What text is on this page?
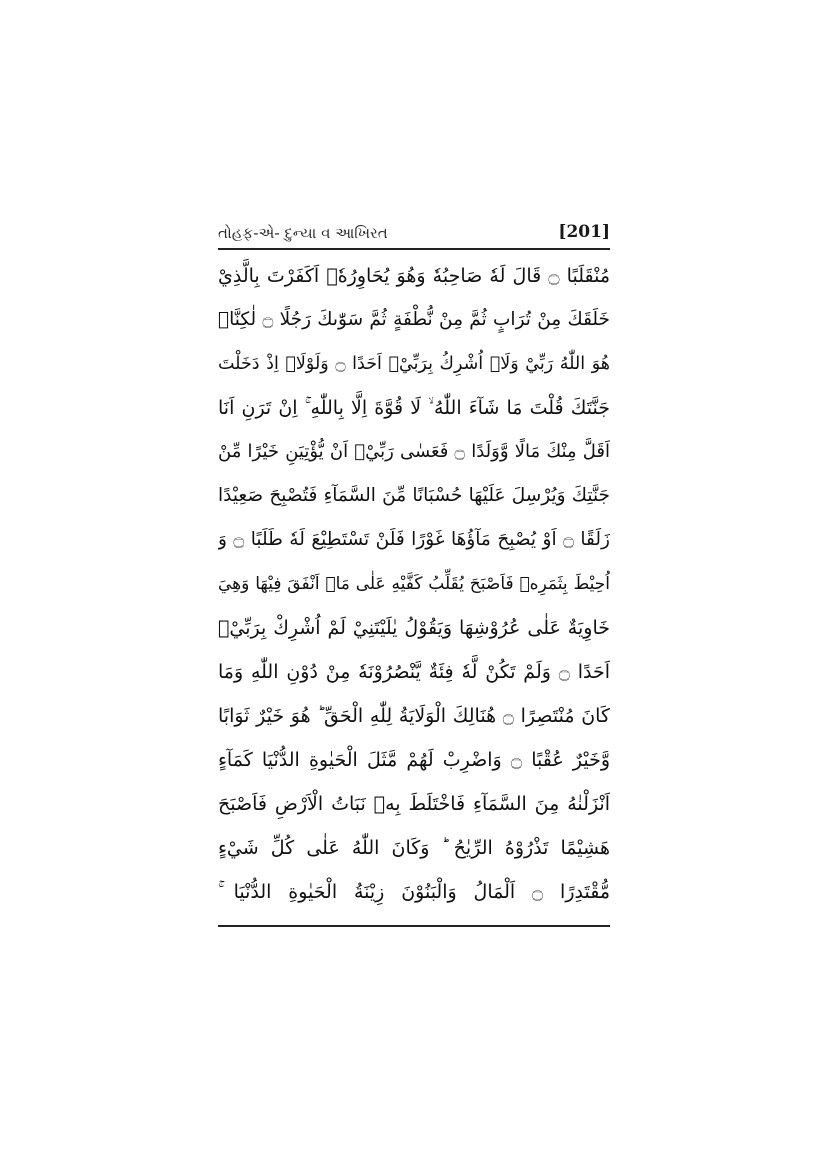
તોહફ-એ- દુન્યા વ આખિરત	[201]
مُنْقَلَبًا ۝ قَالَ لَهٗ صَاحِبُهٗ وَهُوَ يُحَاوِرُهٗۤ اَكَفَرْتَ بِالَّذِيْ
خَلَقَكَ مِنْ تُرَابٍ ثُمَّ مِنْ نُّطْفَةٍ ثُمَّ سَوّٰىكَ رَجُلًا ۝ لٰكِنَّا۠
هُوَ اللّٰهُ رَبِّيْ وَلَاۤ اُشْرِكُ بِرَبِّيْۤ اَحَدًا ۝ وَلَوْلَاۤ اِذْ دَخَلْتَ
جَنَّتَكَ قُلْتَ مَا شَآءَ اللّٰهُ ۙ لَا قُوَّةَ اِلَّا بِاللّٰهِ ۚ اِنْ تَرَنِ اَنَا
اَقَلَّ مِنْكَ مَالًا وَّوَلَدًا ۝ فَعَسٰى رَبِّيْۤ اَنْ يُّؤْتِيَنِ خَيْرًا مِّنْ
جَنَّتِكَ وَيُرْسِلَ عَلَيْهَا حُسْبَانًا مِّنَ السَّمَآءِ فَتُصْبِحَ صَعِيْدًا
زَلَقًا ۝ اَوْ يُصْبِحَ مَآؤُهَا غَوْرًا فَلَنْ تَسْتَطِيْعَ لَهٗ طَلَبًا ۝ وَ
اُحِيْطَ بِثَمَرِهٖ فَاَصْبَحَ يُقَلِّبُ كَفَّيْهِ عَلٰى مَاۤ اَنْفَقَ فِيْهَا وَهِيَ
خَاوِيَةٌ عَلٰى عُرُوْشِهَا وَيَقُوْلُ يٰلَيْتَنِيْ لَمْ اُشْرِكْ بِرَبِّيْۤ
اَحَدًا ۝ وَلَمْ تَكُنْ لَّهٗ فِئَةٌ يَّنْصُرُوْنَهٗ مِنْ دُوْنِ اللّٰهِ وَمَا
كَانَ مُنْتَصِرًا ۝ هُنَالِكَ الْوَلَايَةُ لِلّٰهِ الْحَقِّ ؕ هُوَ خَيْرٌ ثَوَابًا
وَّخَيْرٌ عُقْبًا ۝ وَاضْرِبْ لَهُمْ مَّثَلَ الْحَيٰوةِ الدُّنْيَا كَمَآءٍ
اَنْزَلْنٰهُ مِنَ السَّمَآءِ فَاخْتَلَطَ بِهٖ نَبَاتُ الْاَرْضِ فَاَصْبَحَ
هَشِيْمًا تَذْرُوْهُ الرِّيٰحُ ؕ وَكَانَ اللّٰهُ عَلٰى كُلِّ شَيْءٍ
مُّقْتَدِرًا ۝ اَلْمَالُ وَالْبَنُوْنَ زِيْنَةُ الْحَيٰوةِ الدُّنْيَا ۚ
